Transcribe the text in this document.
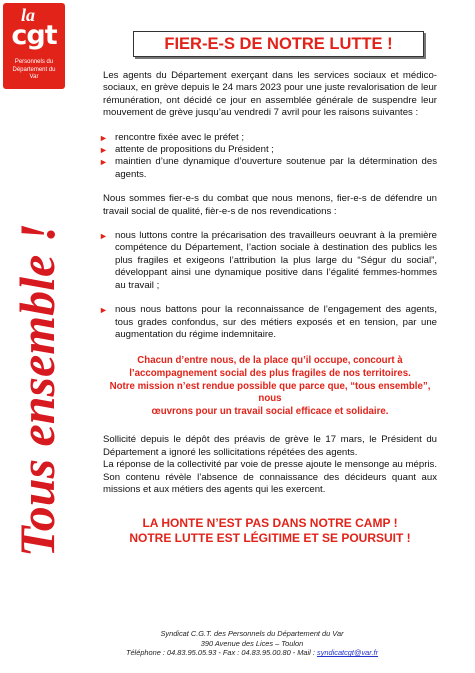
la
cgt
Personnels du
Département du
Var
Tous ensemble !
FIER-E-S DE NOTRE LUTTE !

Les agents du Département exerçant dans les services sociaux et médico-sociaux, en grève depuis le 24 mars 2023 pour une juste revalorisation de leur rémunération, ont décidé ce jour en assemblée générale de suspendre leur mouvement de grève jusqu’au vendredi 7 avril pour les raisons suivantes :

► rencontre fixée avec le préfet ;
► attente de propositions du Président ;
► maintien d’une dynamique d’ouverture soutenue par la détermination des agents.

Nous sommes fier-e-s du combat que nous menons, fier-e-s de défendre un travail social de qualité, fièr-e-s de nos revendications :

► nous luttons contre la précarisation des travailleurs oeuvrant à la première compétence du Département, l’action sociale à destination des publics les plus fragiles et exigeons l’attribution la plus large du “Ségur du social”, développant ainsi une dynamique positive dans l’égalité femmes-hommes au travail ;
► nous nous battons pour la reconnaissance de l’engagement des agents, tous grades confondus, sur des métiers exposés et en tension, par une augmentation du régime indemnitaire.

Chacun d’entre nous, de la place qu’il occupe, concourt à
l’accompagnement social des plus fragiles de nos territoires.
Notre mission n’est rendue possible que parce que, “tous ensemble”, nous
œuvrons pour un travail social efficace et solidaire.

Sollicité depuis le dépôt des préavis de grève le 17 mars, le Président du Département a ignoré les sollicitations répétées des agents.
La réponse de la collectivité par voie de presse ajoute le mensonge au mépris. Son contenu révèle l’absence de connaissance des décideurs quant aux missions et aux métiers des agents qui les exercent.

LA HONTE N’EST PAS DANS NOTRE CAMP !
NOTRE LUTTE EST LÉGITIME ET SE POURSUIT !

Syndicat C.G.T. des Personnels du Département du Var
390 Avenue des Lices – Toulon
Téléphone : 04.83.95.05.93 - Fax : 04.83.95.00.80 - Mail : syndicatcgt@var.fr
